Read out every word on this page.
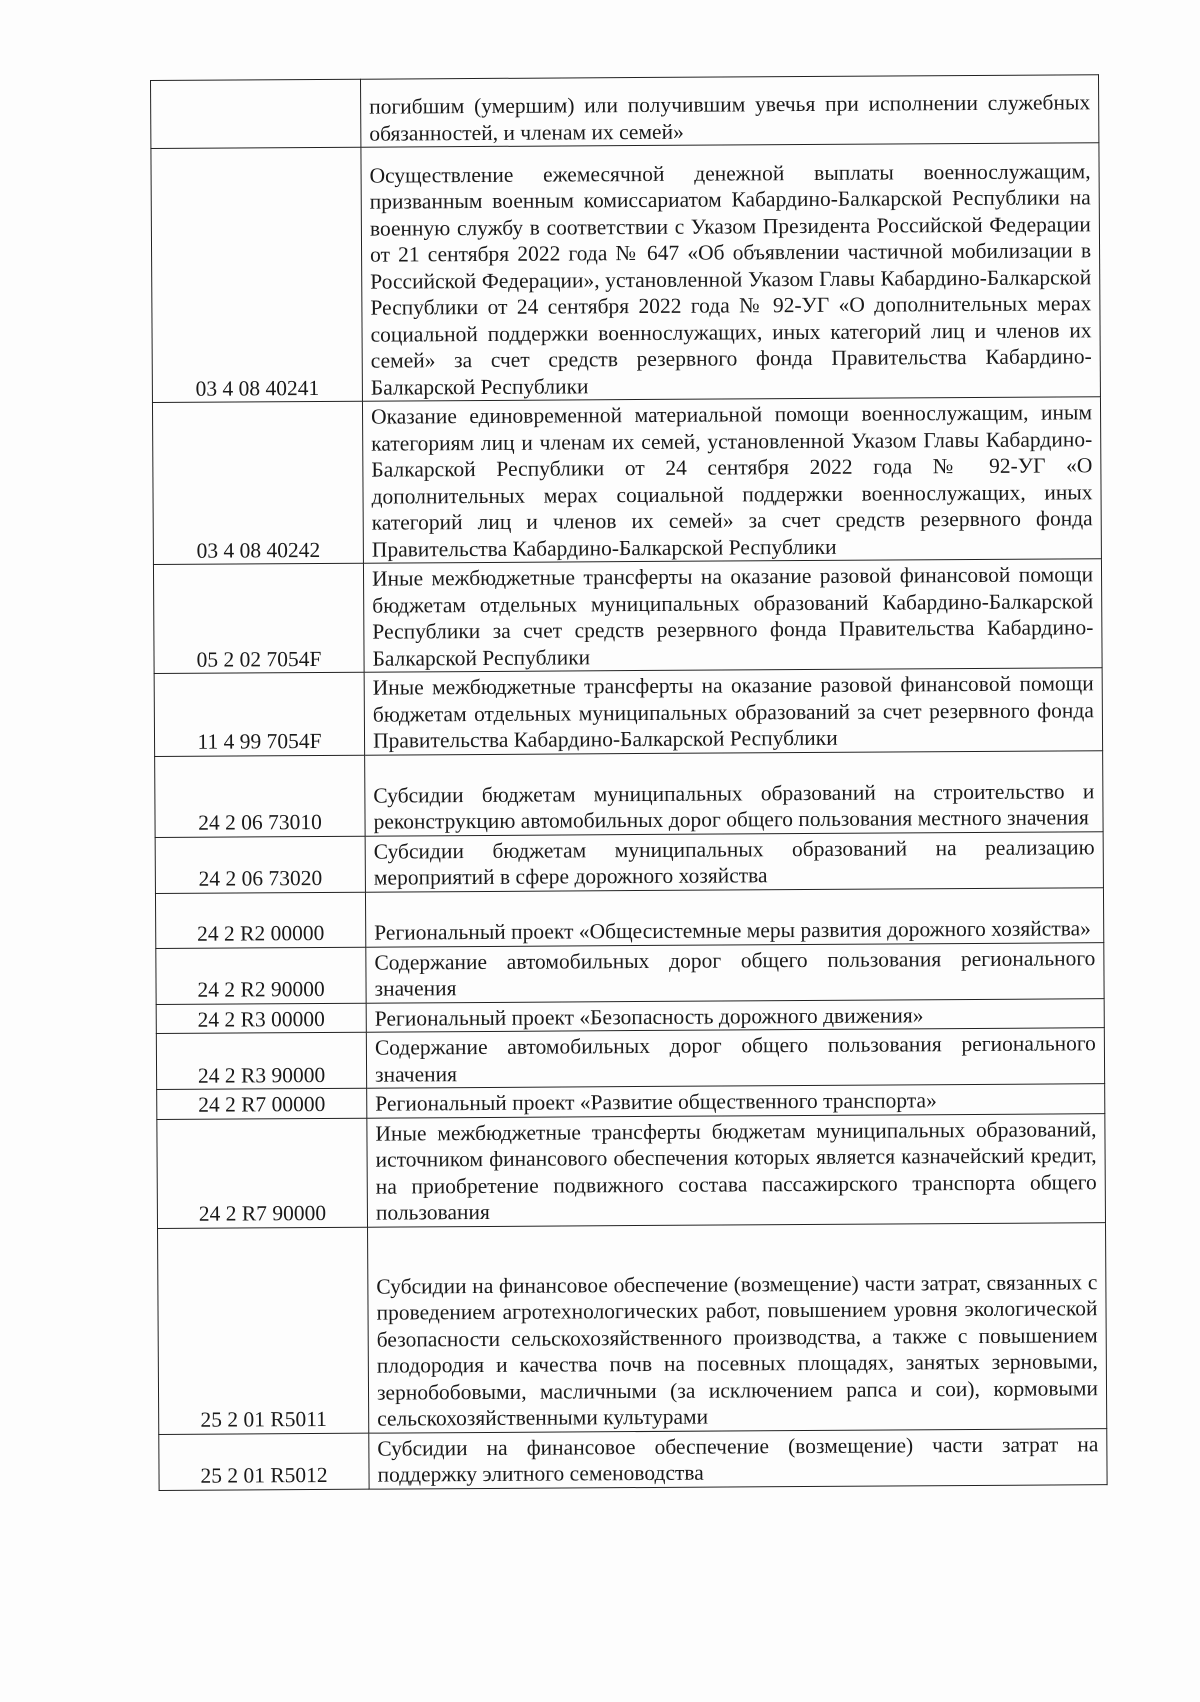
	погибшим (умершим) или получившим увечья при исполнении служебных обязанностей, и членам их семей»
03 4 08 40241	Осуществление ежемесячной денежной выплаты военнослужащим, призванным военным комиссариатом Кабардино-Балкарской Республики на военную службу в соответствии с Указом Президента Российской Федерации от 21 сентября 2022 года № 647 «Об объявлении частичной мобилизации в Российской Федерации», установленной Указом Главы Кабардино-Балкарской Республики от 24 сентября 2022 года № 92-УГ «О дополнительных мерах социальной поддержки военнослужащих, иных категорий лиц и членов их семей» за счет средств резервного фонда Правительства Кабардино-Балкарской Республики
03 4 08 40242	Оказание единовременной материальной помощи военнослужащим, иным категориям лиц и членам их семей, установленной Указом Главы Кабардино-Балкарской Республики от 24 сентября 2022 года № 92-УГ «О дополнительных мерах социальной поддержки военнослужащих, иных категорий лиц и членов их семей» за счет средств резервного фонда Правительства Кабардино-Балкарской Республики
05 2 02 7054F	Иные межбюджетные трансферты на оказание разовой финансовой помощи бюджетам отдельных муниципальных образований Кабардино-Балкарской Республики за счет средств резервного фонда Правительства Кабардино-Балкарской Республики
11 4 99 7054F	Иные межбюджетные трансферты на оказание разовой финансовой помощи бюджетам отдельных муниципальных образований за счет резервного фонда Правительства Кабардино-Балкарской Республики
24 2 06 73010	Субсидии бюджетам муниципальных образований на строительство и реконструкцию автомобильных дорог общего пользования местного значения
24 2 06 73020	Субсидии бюджетам муниципальных образований на реализацию мероприятий в сфере дорожного хозяйства
24 2 R2 00000	Региональный проект «Общесистемные меры развития дорожного хозяйства»
24 2 R2 90000	Содержание автомобильных дорог общего пользования регионального значения
24 2 R3 00000	Региональный проект «Безопасность дорожного движения»
24 2 R3 90000	Содержание автомобильных дорог общего пользования регионального значения
24 2 R7 00000	Региональный проект «Развитие общественного транспорта»
24 2 R7 90000	Иные межбюджетные трансферты бюджетам муниципальных образований, источником финансового обеспечения которых является казначейский кредит, на приобретение подвижного состава пассажирского транспорта общего пользования
25 2 01 R5011	Субсидии на финансовое обеспечение (возмещение) части затрат, связанных с проведением агротехнологических работ, повышением уровня экологической безопасности сельскохозяйственного производства, а также с повышением плодородия и качества почв на посевных площадях, занятых зерновыми, зернобобовыми, масличными (за исключением рапса и сои), кормовыми сельскохозяйственными культурами
25 2 01 R5012	Субсидии на финансовое обеспечение (возмещение) части затрат на поддержку элитного семеноводства
